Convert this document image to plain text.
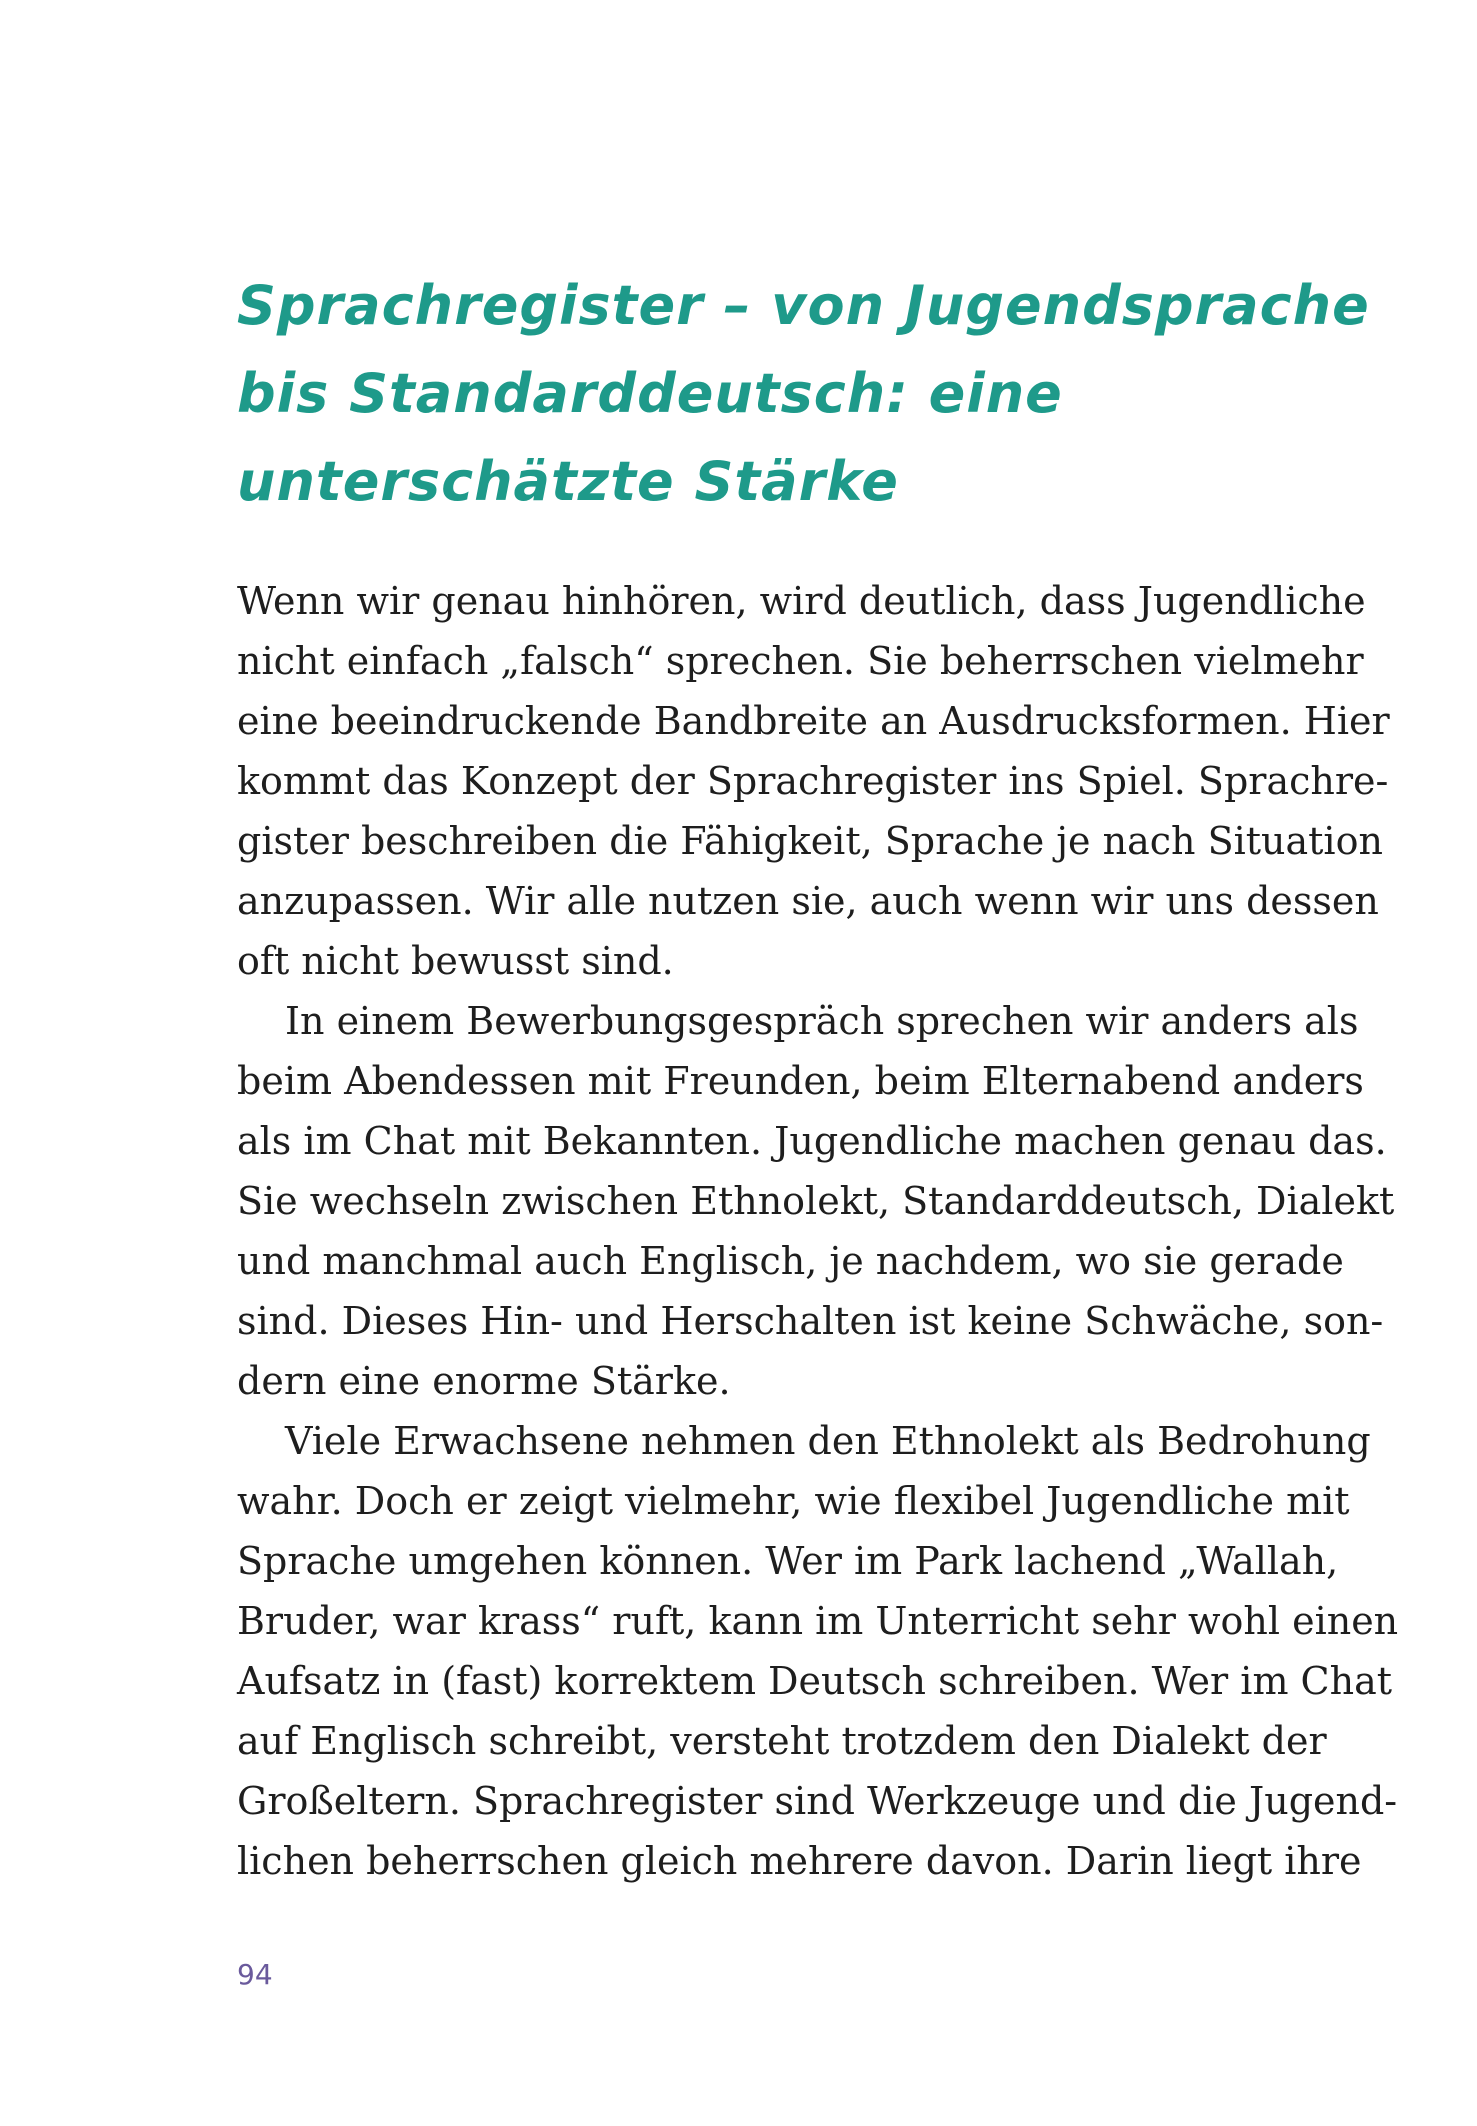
Sprachregister – von Jugendsprache
bis Standarddeutsch: eine
unterschätzte Stärke

Wenn wir genau hinhören, wird deutlich, dass Jugendliche
nicht einfach „falsch“ sprechen. Sie beherrschen vielmehr
eine beeindruckende Bandbreite an Ausdrucksformen. Hier
kommt das Konzept der Sprachregister ins Spiel. Sprachre-
gister beschreiben die Fähigkeit, Sprache je nach Situation
anzupassen. Wir alle nutzen sie, auch wenn wir uns dessen
oft nicht bewusst sind.

In einem Bewerbungsgespräch sprechen wir anders als
beim Abendessen mit Freunden, beim Elternabend anders
als im Chat mit Bekannten. Jugendliche machen genau das.
Sie wechseln zwischen Ethnolekt, Standarddeutsch, Dialekt
und manchmal auch Englisch, je nachdem, wo sie gerade
sind. Dieses Hin- und Herschalten ist keine Schwäche, son-
dern eine enorme Stärke.

Viele Erwachsene nehmen den Ethnolekt als Bedrohung
wahr. Doch er zeigt vielmehr, wie flexibel Jugendliche mit
Sprache umgehen können. Wer im Park lachend „Wallah,
Bruder, war krass“ ruft, kann im Unterricht sehr wohl einen
Aufsatz in (fast) korrektem Deutsch schreiben. Wer im Chat
auf Englisch schreibt, versteht trotzdem den Dialekt der
Großeltern. Sprachregister sind Werkzeuge und die Jugend-
lichen beherrschen gleich mehrere davon. Darin liegt ihre

94
